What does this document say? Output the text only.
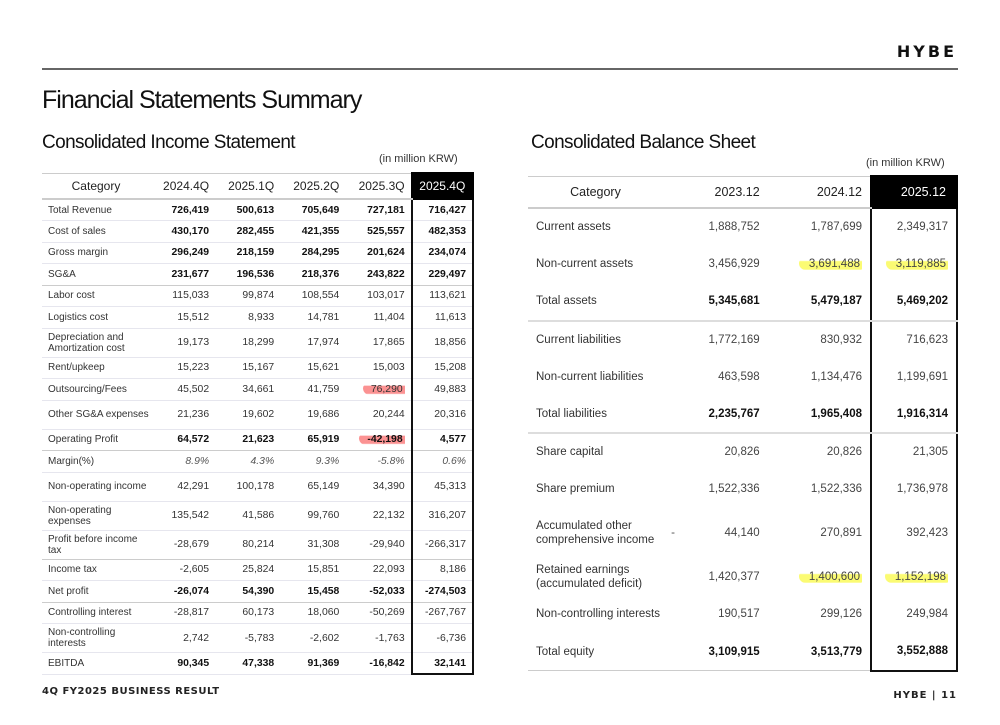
HYBE
Financial Statements Summary
Consolidated Income Statement
(in million KRW)
Consolidated Balance Sheet
(in million KRW)
Category	2024.4Q	2025.1Q	2025.2Q	2025.3Q	2025.4Q
Total Revenue	726,419	500,613	705,649	727,181	716,427
Cost of sales	430,170	282,455	421,355	525,557	482,353
Gross margin	296,249	218,159	284,295	201,624	234,074
SG&A	231,677	196,536	218,376	243,822	229,497
Labor cost	115,033	99,874	108,554	103,017	113,621
Logistics cost	15,512	8,933	14,781	11,404	11,613
Depreciation and Amortization cost	19,173	18,299	17,974	17,865	18,856
Rent/upkeep	15,223	15,167	15,621	15,003	15,208
Outsourcing/Fees	45,502	34,661	41,759	76,290	49,883
Other SG&A expenses	21,236	19,602	19,686	20,244	20,316
Operating Profit	64,572	21,623	65,919	-42,198	4,577
Margin(%)	8.9%	4.3%	9.3%	-5.8%	0.6%
Non-operating income	42,291	100,178	65,149	34,390	45,313
Non-operating expenses	135,542	41,586	99,760	22,132	316,207
Profit before income tax	-28,679	80,214	31,308	-29,940	-266,317
Income tax	-2,605	25,824	15,851	22,093	8,186
Net profit	-26,074	54,390	15,458	-52,033	-274,503
Controlling interest	-28,817	60,173	18,060	-50,269	-267,767
Non-controlling interests	2,742	-5,783	-2,602	-1,763	-6,736
EBITDA	90,345	47,338	91,369	-16,842	32,141
Category		2023.12	2024.12	2025.12
Current assets		1,888,752	1,787,699	2,349,317
Non-current assets		3,456,929	3,691,488	3,119,885
Total assets		5,345,681	5,479,187	5,469,202
Current liabilities		1,772,169	830,932	716,623
Non-current liabilities		463,598	1,134,476	1,199,691
Total liabilities		2,235,767	1,965,408	1,916,314
Share capital		20,826	20,826	21,305
Share premium		1,522,336	1,522,336	1,736,978
Accumulated other comprehensive income	-	44,140	270,891	392,423
Retained earnings (accumulated deficit)		1,420,377	1,400,600	1,152,198
Non-controlling interests		190,517	299,126	249,984
Total equity		3,109,915	3,513,779	3,552,888
4Q FY2025 BUSINESS RESULT	HYBE | 11
